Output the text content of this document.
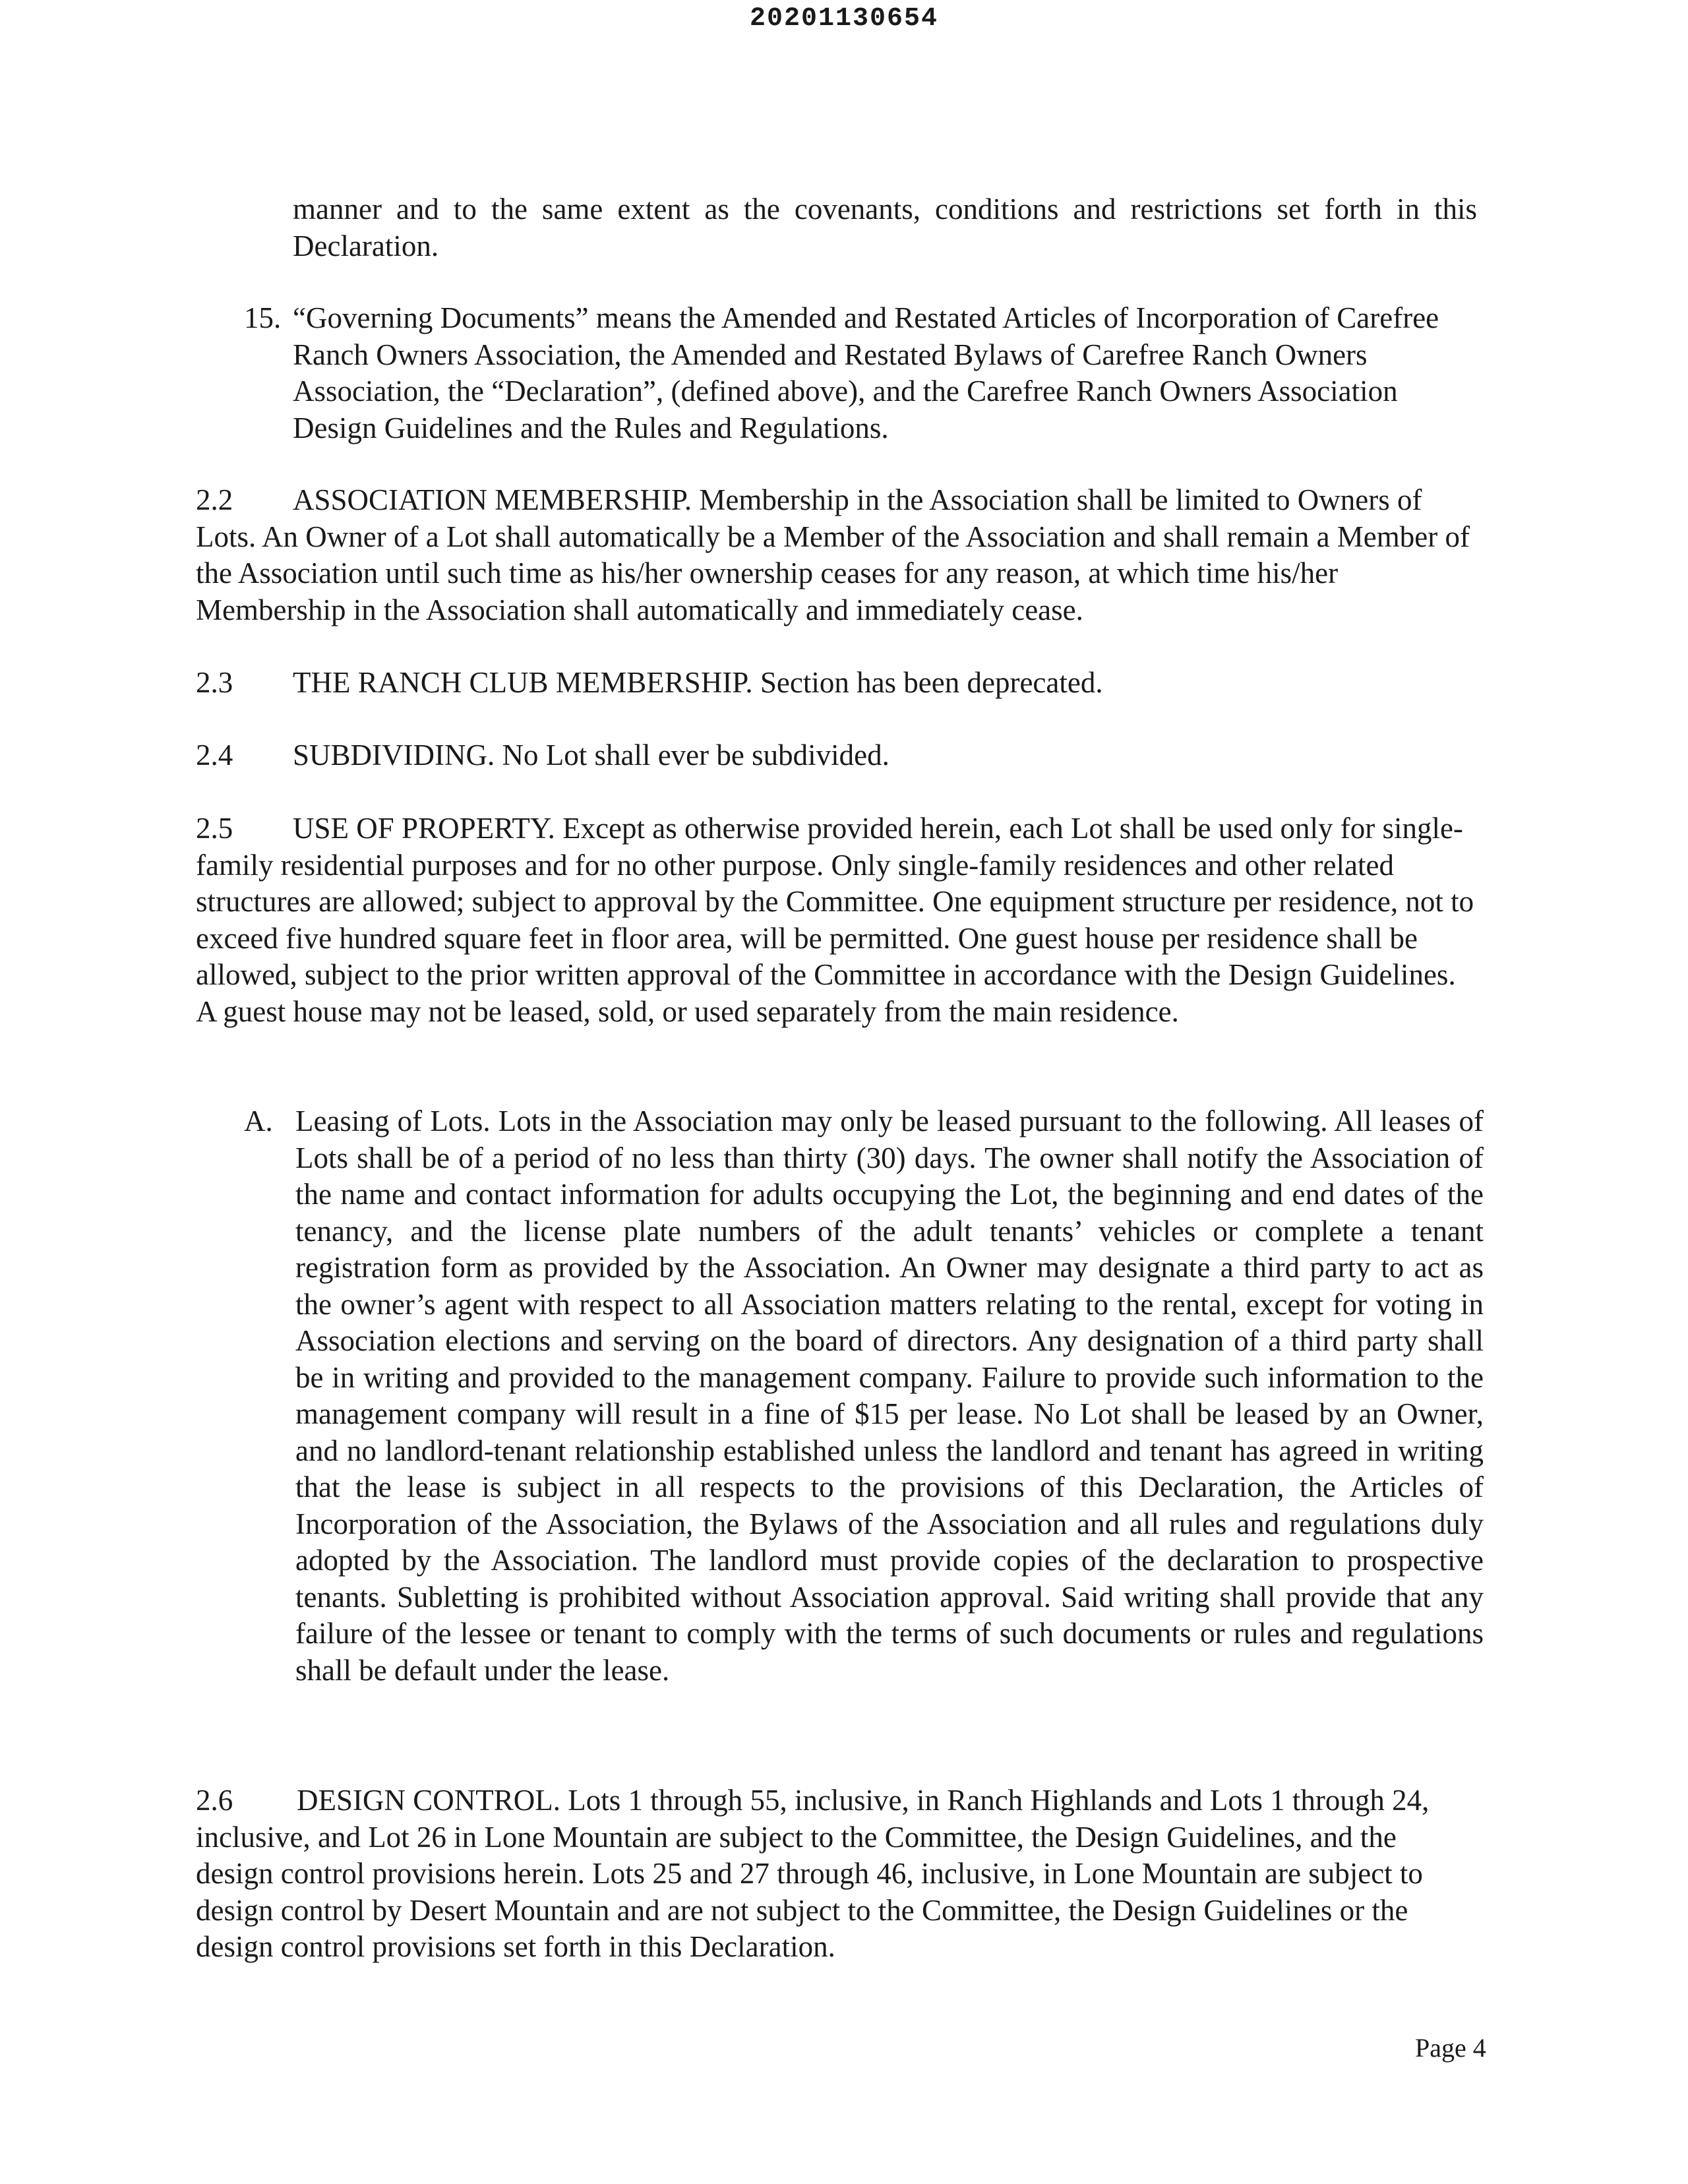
20201130654

manner and to the same extent as the covenants, conditions and restrictions set forth in this Declaration.

15. “Governing Documents” means the Amended and Restated Articles of Incorporation of Carefree Ranch Owners Association, the Amended and Restated Bylaws of Carefree Ranch Owners Association, the “Declaration”, (defined above), and the Carefree Ranch Owners Association Design Guidelines and the Rules and Regulations.

2.2 ASSOCIATION MEMBERSHIP. Membership in the Association shall be limited to Owners of Lots. An Owner of a Lot shall automatically be a Member of the Association and shall remain a Member of the Association until such time as his/her ownership ceases for any reason, at which time his/her Membership in the Association shall automatically and immediately cease.

2.3 THE RANCH CLUB MEMBERSHIP. Section has been deprecated.

2.4 SUBDIVIDING. No Lot shall ever be subdivided.

2.5 USE OF PROPERTY. Except as otherwise provided herein, each Lot shall be used only for single-family residential purposes and for no other purpose. Only single-family residences and other related structures are allowed; subject to approval by the Committee. One equipment structure per residence, not to exceed five hundred square feet in floor area, will be permitted. One guest house per residence shall be allowed, subject to the prior written approval of the Committee in accordance with the Design Guidelines. A guest house may not be leased, sold, or used separately from the main residence.

A. Leasing of Lots. Lots in the Association may only be leased pursuant to the following. All leases of Lots shall be of a period of no less than thirty (30) days. The owner shall notify the Association of the name and contact information for adults occupying the Lot, the beginning and end dates of the tenancy, and the license plate numbers of the adult tenants’ vehicles or complete a tenant registration form as provided by the Association. An Owner may designate a third party to act as the owner’s agent with respect to all Association matters relating to the rental, except for voting in Association elections and serving on the board of directors. Any designation of a third party shall be in writing and provided to the management company. Failure to provide such information to the management company will result in a fine of $15 per lease. No Lot shall be leased by an Owner, and no landlord-tenant relationship established unless the landlord and tenant has agreed in writing that the lease is subject in all respects to the provisions of this Declaration, the Articles of Incorporation of the Association, the Bylaws of the Association and all rules and regulations duly adopted by the Association. The landlord must provide copies of the declaration to prospective tenants. Subletting is prohibited without Association approval. Said writing shall provide that any failure of the lessee or tenant to comply with the terms of such documents or rules and regulations shall be default under the lease.

2.6 DESIGN CONTROL. Lots 1 through 55, inclusive, in Ranch Highlands and Lots 1 through 24, inclusive, and Lot 26 in Lone Mountain are subject to the Committee, the Design Guidelines, and the design control provisions herein. Lots 25 and 27 through 46, inclusive, in Lone Mountain are subject to design control by Desert Mountain and are not subject to the Committee, the Design Guidelines or the design control provisions set forth in this Declaration.

Page 4
